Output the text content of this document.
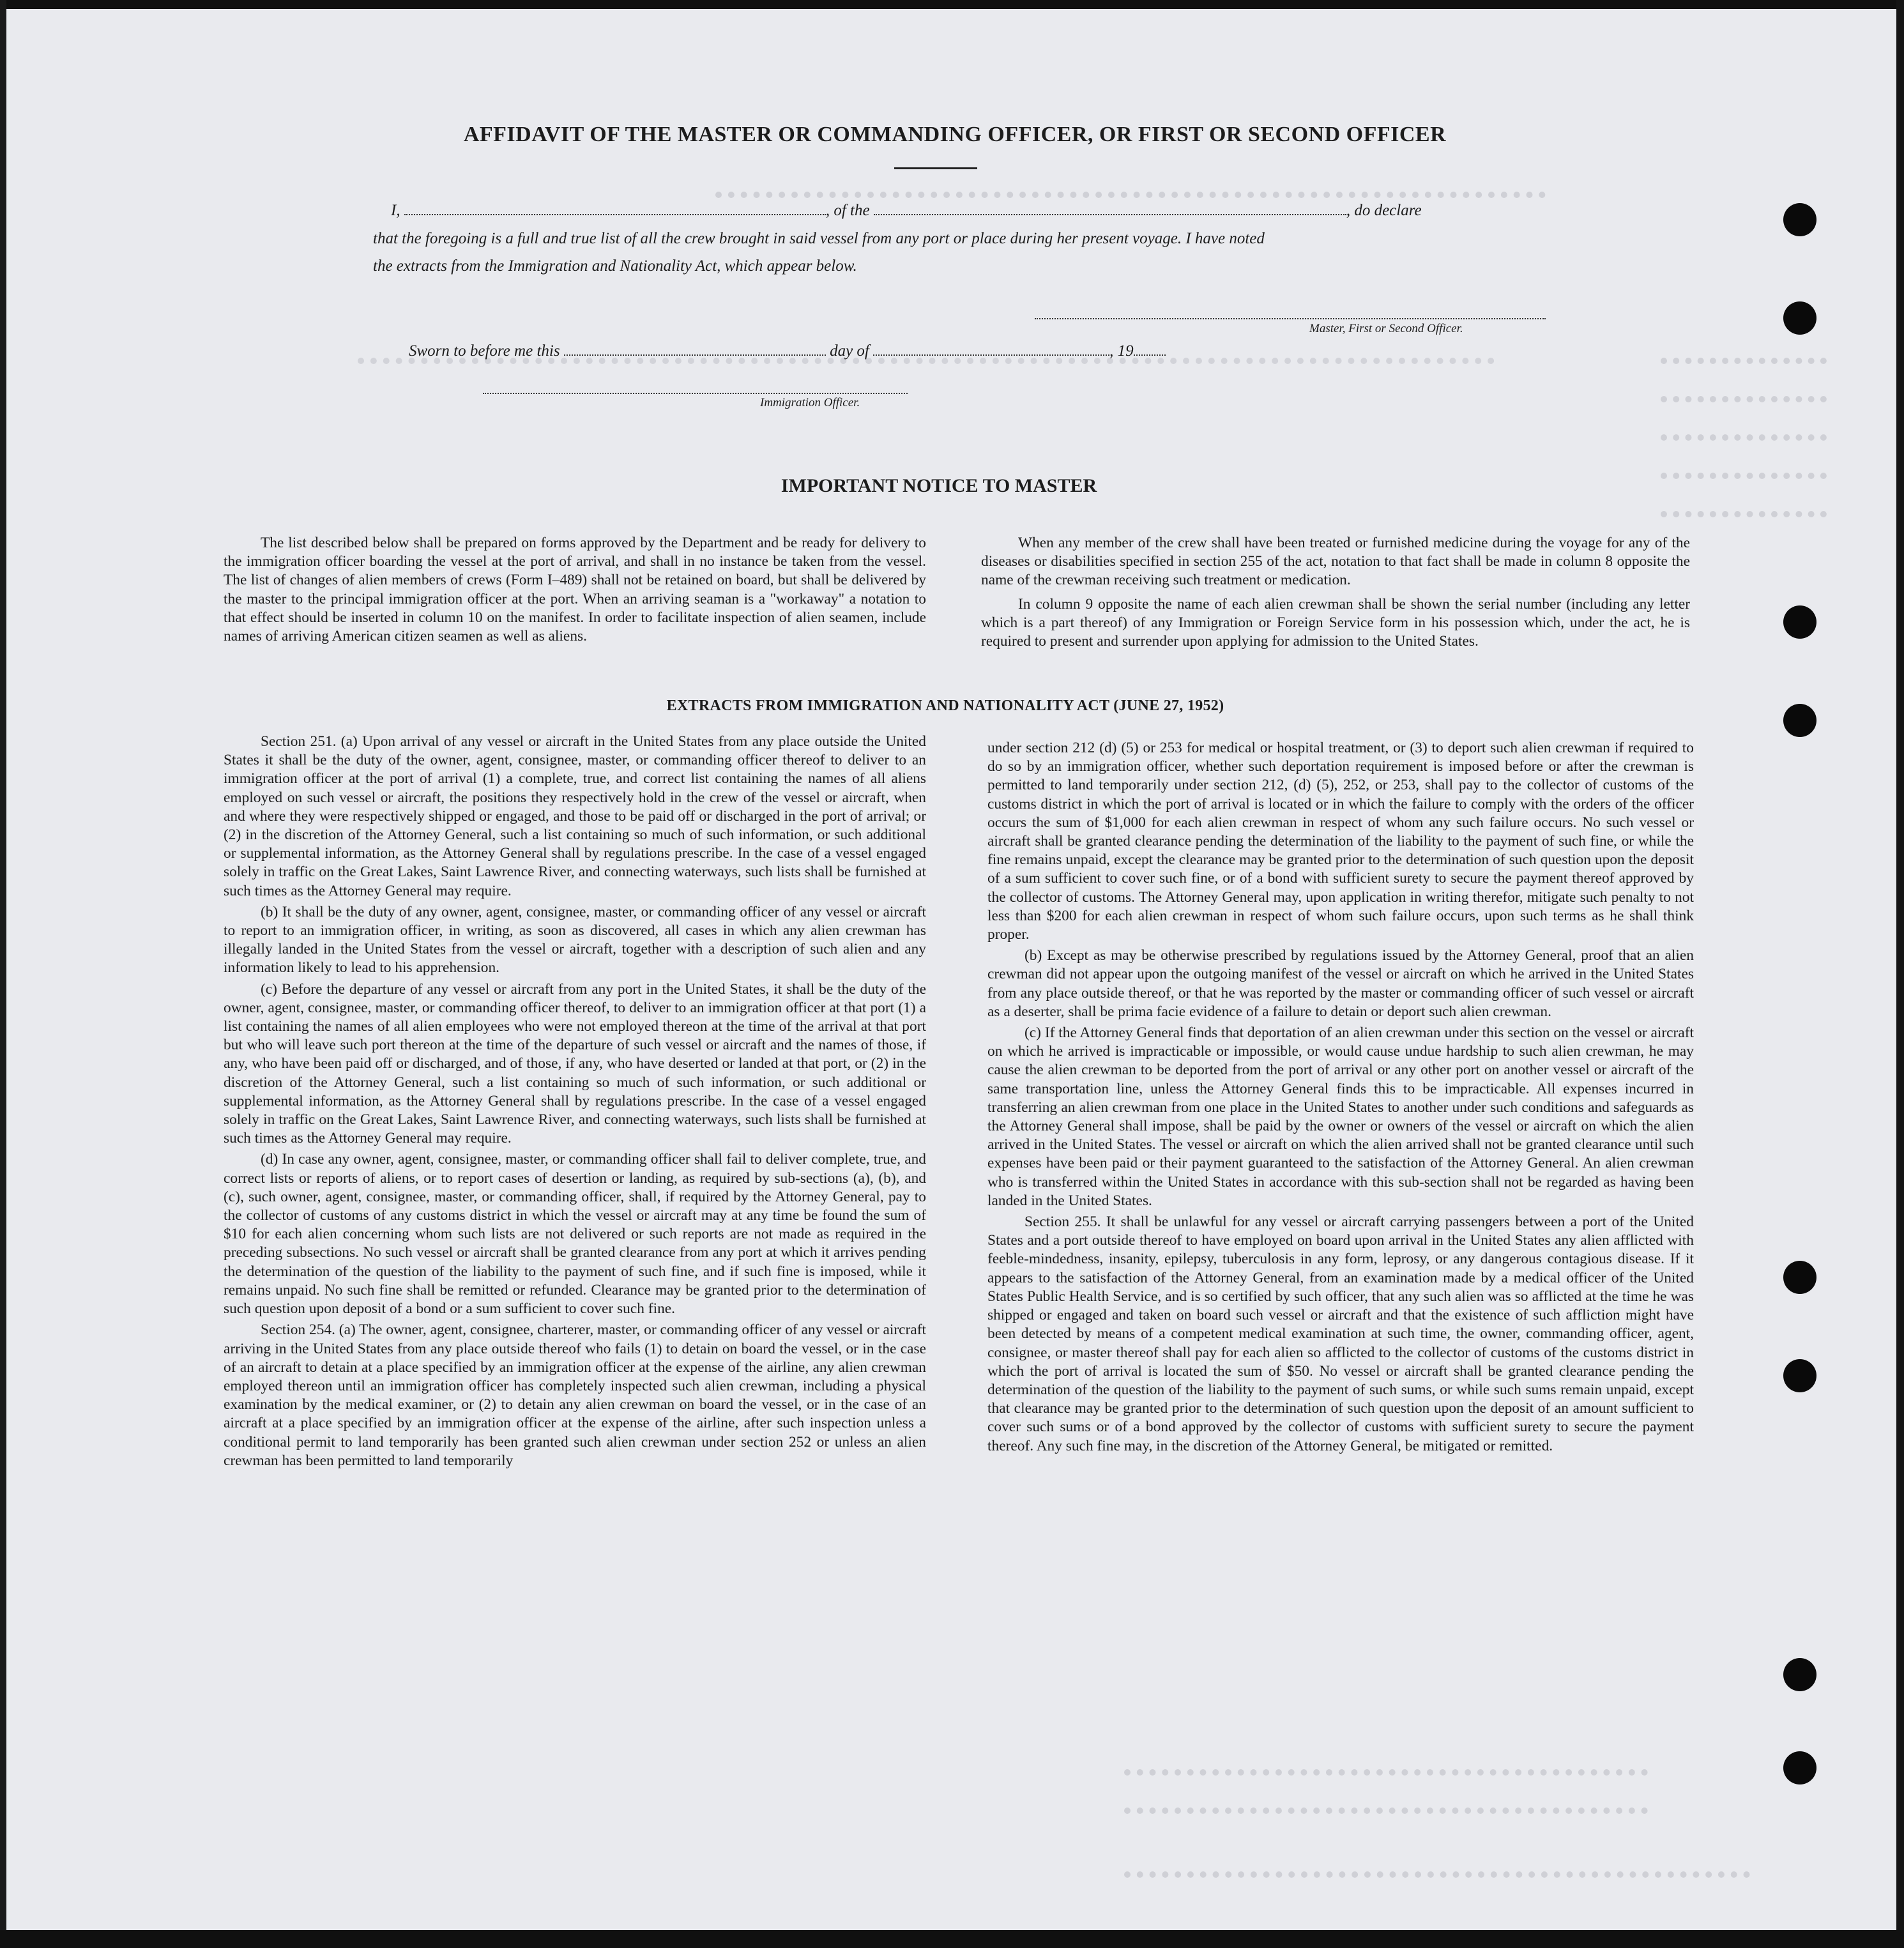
AFFIDAVIT OF THE MASTER OR COMMANDING OFFICER, OR FIRST OR SECOND OFFICER
I,	, of the	, do declare
that the foregoing is a full and true list of all the crew brought in said vessel from any port or place during her present voyage. I have noted
the extracts from the Immigration and Nationality Act, which appear below.
Master, First or Second Officer.
Sworn to before me this	day of	, 19
Immigration Officer.
IMPORTANT NOTICE TO MASTER

The list described below shall be prepared on forms approved by the Department and be ready for delivery to the immigration officer boarding the vessel at the port of arrival, and shall in no instance be taken from the vessel. The list of changes of alien members of crews (Form I–489) shall not be retained on board, but shall be delivered by the master to the principal immigration officer at the port. When an arriving seaman is a "workaway" a notation to that effect should be inserted in column 10 on the manifest. In order to facilitate inspection of alien seamen, include names of arriving American citizen seamen as well as aliens.

When any member of the crew shall have been treated or furnished medicine during the voyage for any of the diseases or disabilities specified in section 255 of the act, notation to that fact shall be made in column 8 opposite the name of the crewman receiving such treatment or medication.

In column 9 opposite the name of each alien crewman shall be shown the serial number (including any letter which is a part thereof) of any Immigration or Foreign Service form in his possession which, under the act, he is required to present and surrender upon applying for admission to the United States.

EXTRACTS FROM IMMIGRATION AND NATIONALITY ACT (JUNE 27, 1952)

Section 251. (a) Upon arrival of any vessel or aircraft in the United States from any place outside the United States it shall be the duty of the owner, agent, consignee, master, or commanding officer thereof to deliver to an immigration officer at the port of arrival (1) a complete, true, and correct list containing the names of all aliens employed on such vessel or aircraft, the positions they respectively hold in the crew of the vessel or aircraft, when and where they were respectively shipped or engaged, and those to be paid off or discharged in the port of arrival; or (2) in the discretion of the Attorney General, such a list containing so much of such information, or such additional or supplemental information, as the Attorney General shall by regulations prescribe. In the case of a vessel engaged solely in traffic on the Great Lakes, Saint Lawrence River, and connecting waterways, such lists shall be furnished at such times as the Attorney General may require.

(b) It shall be the duty of any owner, agent, consignee, master, or commanding officer of any vessel or aircraft to report to an immigration officer, in writing, as soon as discovered, all cases in which any alien crewman has illegally landed in the United States from the vessel or aircraft, together with a description of such alien and any information likely to lead to his apprehension.

(c) Before the departure of any vessel or aircraft from any port in the United States, it shall be the duty of the owner, agent, consignee, master, or commanding officer thereof, to deliver to an immigration officer at that port (1) a list containing the names of all alien employees who were not employed thereon at the time of the arrival at that port but who will leave such port thereon at the time of the departure of such vessel or aircraft and the names of those, if any, who have been paid off or discharged, and of those, if any, who have deserted or landed at that port, or (2) in the discretion of the Attorney General, such a list containing so much of such information, or such additional or supplemental information, as the Attorney General shall by regulations prescribe. In the case of a vessel engaged solely in traffic on the Great Lakes, Saint Lawrence River, and connecting waterways, such lists shall be furnished at such times as the Attorney General may require.

(d) In case any owner, agent, consignee, master, or commanding officer shall fail to deliver complete, true, and correct lists or reports of aliens, or to report cases of desertion or landing, as required by sub-sections (a), (b), and (c), such owner, agent, consignee, master, or commanding officer, shall, if required by the Attorney General, pay to the collector of customs of any customs district in which the vessel or aircraft may at any time be found the sum of $10 for each alien concerning whom such lists are not delivered or such reports are not made as required in the preceding subsections. No such vessel or aircraft shall be granted clearance from any port at which it arrives pending the determination of the question of the liability to the payment of such fine, and if such fine is imposed, while it remains unpaid. No such fine shall be remitted or refunded. Clearance may be granted prior to the determination of such question upon deposit of a bond or a sum sufficient to cover such fine.

Section 254. (a) The owner, agent, consignee, charterer, master, or commanding officer of any vessel or aircraft arriving in the United States from any place outside thereof who fails (1) to detain on board the vessel, or in the case of an aircraft to detain at a place specified by an immigration officer at the expense of the airline, any alien crewman employed thereon until an immigration officer has completely inspected such alien crewman, including a physical examination by the medical examiner, or (2) to detain any alien crewman on board the vessel, or in the case of an aircraft at a place specified by an immigration officer at the expense of the airline, after such inspection unless a conditional permit to land temporarily has been granted such alien crewman under section 252 or unless an alien crewman has been permitted to land temporarily

under section 212 (d) (5) or 253 for medical or hospital treatment, or (3) to deport such alien crewman if required to do so by an immigration officer, whether such deportation requirement is imposed before or after the crewman is permitted to land temporarily under section 212, (d) (5), 252, or 253, shall pay to the collector of customs of the customs district in which the port of arrival is located or in which the failure to comply with the orders of the officer occurs the sum of $1,000 for each alien crewman in respect of whom any such failure occurs. No such vessel or aircraft shall be granted clearance pending the determination of the liability to the payment of such fine, or while the fine remains unpaid, except the clearance may be granted prior to the determination of such question upon the deposit of a sum sufficient to cover such fine, or of a bond with sufficient surety to secure the payment thereof approved by the collector of customs. The Attorney General may, upon application in writing therefor, mitigate such penalty to not less than $200 for each alien crewman in respect of whom such failure occurs, upon such terms as he shall think proper.

(b) Except as may be otherwise prescribed by regulations issued by the Attorney General, proof that an alien crewman did not appear upon the outgoing manifest of the vessel or aircraft on which he arrived in the United States from any place outside thereof, or that he was reported by the master or commanding officer of such vessel or aircraft as a deserter, shall be prima facie evidence of a failure to detain or deport such alien crewman.

(c) If the Attorney General finds that deportation of an alien crewman under this section on the vessel or aircraft on which he arrived is impracticable or impossible, or would cause undue hardship to such alien crewman, he may cause the alien crewman to be deported from the port of arrival or any other port on another vessel or aircraft of the same transportation line, unless the Attorney General finds this to be impracticable. All expenses incurred in transferring an alien crewman from one place in the United States to another under such conditions and safeguards as the Attorney General shall impose, shall be paid by the owner or owners of the vessel or aircraft on which the alien arrived in the United States. The vessel or aircraft on which the alien arrived shall not be granted clearance until such expenses have been paid or their payment guaranteed to the satisfaction of the Attorney General. An alien crewman who is transferred within the United States in accordance with this sub-section shall not be regarded as having been landed in the United States.

Section 255. It shall be unlawful for any vessel or aircraft carrying passengers between a port of the United States and a port outside thereof to have employed on board upon arrival in the United States any alien afflicted with feeble-mindedness, insanity, epilepsy, tuberculosis in any form, leprosy, or any dangerous contagious disease. If it appears to the satisfaction of the Attorney General, from an examination made by a medical officer of the United States Public Health Service, and is so certified by such officer, that any such alien was so afflicted at the time he was shipped or engaged and taken on board such vessel or aircraft and that the existence of such affliction might have been detected by means of a competent medical examination at such time, the owner, commanding officer, agent, consignee, or master thereof shall pay for each alien so afflicted to the collector of customs of the customs district in which the port of arrival is located the sum of $50. No vessel or aircraft shall be granted clearance pending the determination of the question of the liability to the payment of such sums, or while such sums remain unpaid, except that clearance may be granted prior to the determination of such question upon the deposit of an amount sufficient to cover such sums or of a bond approved by the collector of customs with sufficient surety to secure the payment thereof. Any such fine may, in the discretion of the Attorney General, be mitigated or remitted.
